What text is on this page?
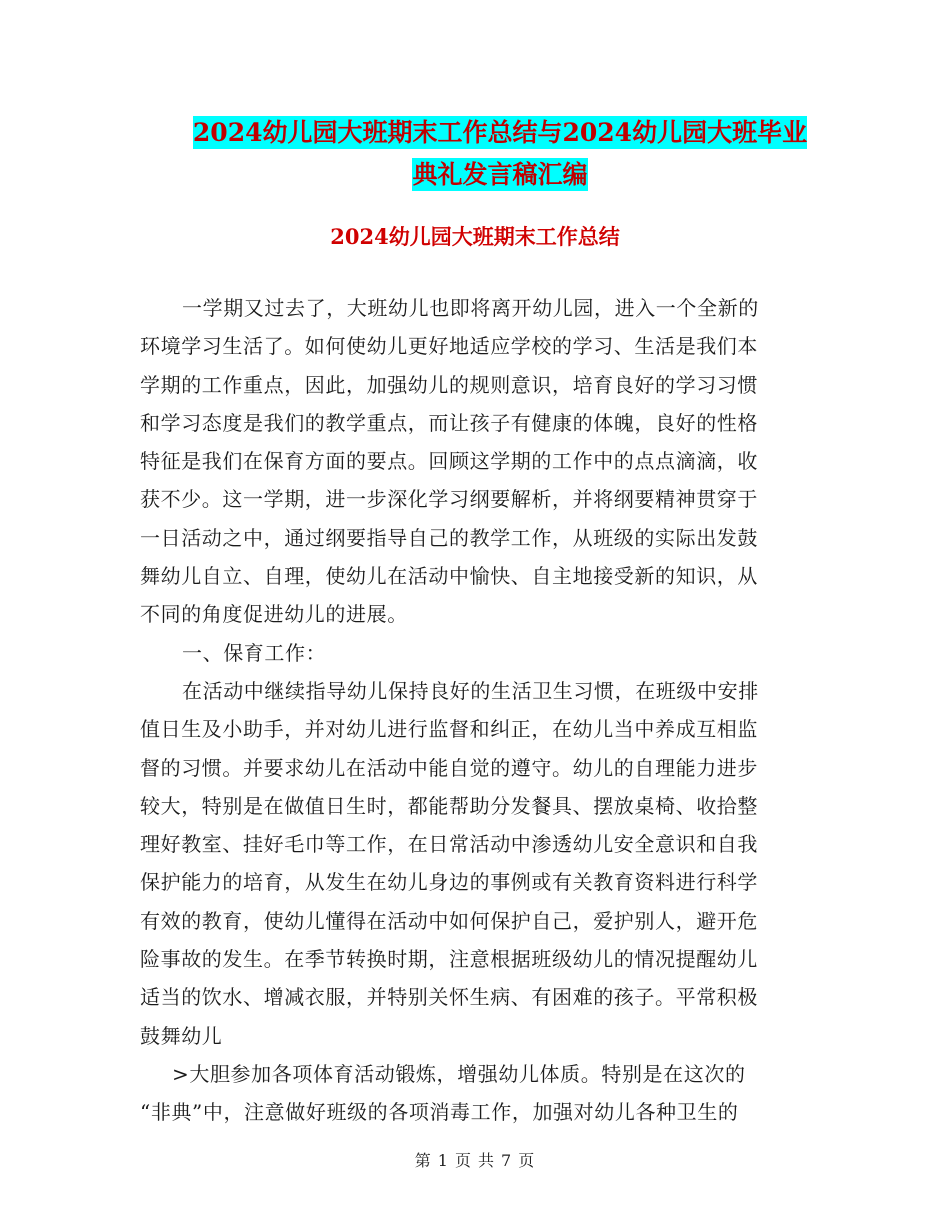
2024幼儿园大班期末工作总结与2024幼儿园大班毕业
典礼发言稿汇编
2024幼儿园大班期末工作总结

一学期又过去了，大班幼儿也即将离开幼儿园，进入一个全新的

环境学习生活了。如何使幼儿更好地适应学校的学习、生活是我们本

学期的工作重点，因此，加强幼儿的规则意识，培育良好的学习习惯

和学习态度是我们的教学重点，而让孩子有健康的体魄，良好的性格

特征是我们在保育方面的要点。回顾这学期的工作中的点点滴滴，收

获不少。这一学期，进一步深化学习纲要解析，并将纲要精神贯穿于

一日活动之中，通过纲要指导自己的教学工作，从班级的实际出发鼓

舞幼儿自立、自理，使幼儿在活动中愉快、自主地接受新的知识，从

不同的角度促进幼儿的进展。

一、保育工作：

在活动中继续指导幼儿保持良好的生活卫生习惯，在班级中安排

值日生及小助手，并对幼儿进行监督和纠正，在幼儿当中养成互相监

督的习惯。并要求幼儿在活动中能自觉的遵守。幼儿的自理能力进步

较大，特别是在做值日生时，都能帮助分发餐具、摆放桌椅、收拾整

理好教室、挂好毛巾等工作，在日常活动中渗透幼儿安全意识和自我

保护能力的培育，从发生在幼儿身边的事例或有关教育资料进行科学

有效的教育，使幼儿懂得在活动中如何保护自己，爱护别人，避开危

险事故的发生。在季节转换时期，注意根据班级幼儿的情况提醒幼儿

适当的饮水、增减衣服，并特别关怀生病、有困难的孩子。平常积极

鼓舞幼儿

>大胆参加各项体育活动锻炼，增强幼儿体质。特别是在这次的

“非典”中，注意做好班级的各项消毒工作，加强对幼儿各种卫生的

第 1 页 共 7 页
